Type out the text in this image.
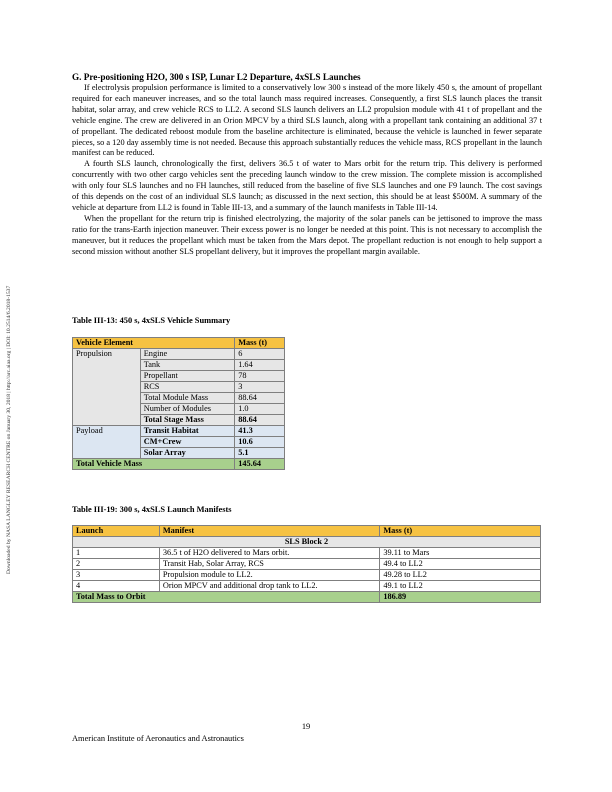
Downloaded by NASA LANGLEY RESEARCH CENTRE on January 30, 2018 | http://arc.aiaa.org | DOI: 10.2514/6.2018-1537
G. Pre-positioning H2O, 300 s ISP, Lunar L2 Departure, 4xSLS Launches

If electrolysis propulsion performance is limited to a conservatively low 300 s instead of the more likely 450 s, the amount of propellant required for each maneuver increases, and so the total launch mass required increases. Consequently, a first SLS launch places the transit habitat, solar array, and crew vehicle RCS to LL2. A second SLS launch delivers an LL2 propulsion module with 41 t of propellant and the vehicle engine. The crew are delivered in an Orion MPCV by a third SLS launch, along with a propellant tank containing an additional 37 t of propellant. The dedicated reboost module from the baseline architecture is eliminated, because the vehicle is launched in fewer separate pieces, so a 120 day assembly time is not needed. Because this approach substantially reduces the vehicle mass, RCS propellant in the launch manifest can be reduced.

A fourth SLS launch, chronologically the first, delivers 36.5 t of water to Mars orbit for the return trip. This delivery is performed concurrently with two other cargo vehicles sent the preceding launch window to the crew mission. The complete mission is accomplished with only four SLS launches and no FH launches, still reduced from the baseline of five SLS launches and one F9 launch. The cost savings of this depends on the cost of an individual SLS launch; as discussed in the next section, this should be at least $500M. A summary of the vehicle at departure from LL2 is found in Table III-13, and a summary of the launch manifests in Table III-14.

When the propellant for the return trip is finished electrolyzing, the majority of the solar panels can be jettisoned to improve the mass ratio for the trans-Earth injection maneuver. Their excess power is no longer be needed at this point. This is not necessary to accomplish the maneuver, but it reduces the propellant which must be taken from the Mars depot. The propellant reduction is not enough to help support a second mission without another SLS propellant delivery, but it improves the propellant margin available.

Table III-13: 450 s, 4xSLS Vehicle Summary
Vehicle Element		Mass (t)
Propulsion	Engine	6
	Tank	1.64
	Propellant	78
	RCS	3
	Total Module Mass	88.64
	Number of Modules	1.0
	Total Stage Mass	88.64
Payload	Transit Habitat	41.3
	CM+Crew	10.6
	Solar Array	5.1
Total Vehicle Mass		145.64
Table III-19: 300 s, 4xSLS Launch Manifests
Launch	Manifest	Mass (t)
SLS Block 2		
1	36.5 t of H2O delivered to Mars orbit.	39.11 to Mars
2	Transit Hab, Solar Array, RCS	49.4 to LL2
3	Propulsion module to LL2.	49.28 to LL2
4	Orion MPCV and additional drop tank to LL2.	49.1 to LL2
Total Mass to Orbit		186.89
19
American Institute of Aeronautics and Astronautics
